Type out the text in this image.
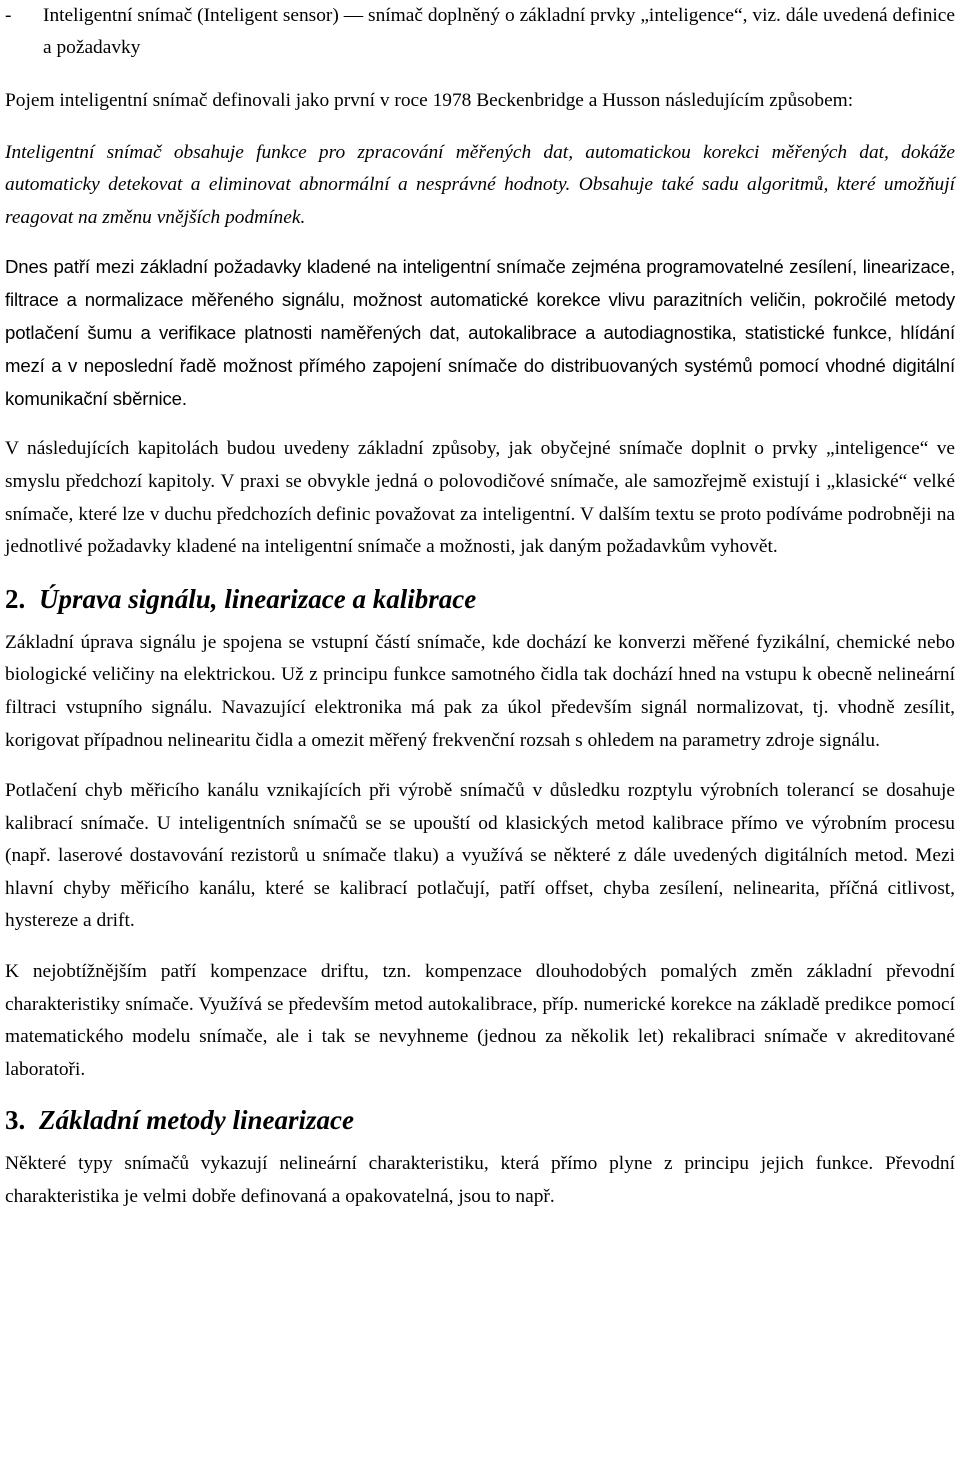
- Inteligentní snímač (Inteligent sensor) — snímač doplněný o základní prvky „inteligence“, viz. dále uvedená definice a požadavky

Pojem inteligentní snímač definovali jako první v roce 1978 Beckenbridge a Husson následujícím způsobem:

Inteligentní snímač obsahuje funkce pro zpracování měřených dat, automatickou korekci měřených dat, dokáže automaticky detekovat a eliminovat abnormální a nesprávné hodnoty. Obsahuje také sadu algoritmů, které umožňují reagovat na změnu vnějších podmínek.

Dnes patří mezi základní požadavky kladené na inteligentní snímače zejména programovatelné zesílení, linearizace, filtrace a normalizace měřeného signálu, možnost automatické korekce vlivu parazitních veličin, pokročilé metody potlačení šumu a verifikace platnosti naměřených dat, autokalibrace a autodiagnostika, statistické funkce, hlídání mezí a v neposlední řadě možnost přímého zapojení snímače do distribuovaných systémů pomocí vhodné digitální komunikační sběrnice.

V následujících kapitolách budou uvedeny základní způsoby, jak obyčejné snímače doplnit o prvky „inteligence“ ve smyslu předchozí kapitoly. V praxi se obvykle jedná o polovodičové snímače, ale samozřejmě existují i „klasické“ velké snímače, které lze v duchu předchozích definic považovat za inteligentní. V dalším textu se proto podíváme podrobněji na jednotlivé požadavky kladené na inteligentní snímače a možnosti, jak daným požadavkům vyhovět.

2. Úprava signálu, linearizace a kalibrace

Základní úprava signálu je spojena se vstupní částí snímače, kde dochází ke konverzi měřené fyzikální, chemické nebo biologické veličiny na elektrickou. Už z principu funkce samotného čidla tak dochází hned na vstupu k obecně nelineární filtraci vstupního signálu. Navazující elektronika má pak za úkol především signál normalizovat, tj. vhodně zesílit, korigovat případnou nelinearitu čidla a omezit měřený frekvenční rozsah s ohledem na parametry zdroje signálu.

Potlačení chyb měřicího kanálu vznikajících při výrobě snímačů v důsledku rozptylu výrobních tolerancí se dosahuje kalibrací snímače. U inteligentních snímačů se se upouští od klasických metod kalibrace přímo ve výrobním procesu (např. laserové dostavování rezistorů u snímače tlaku) a využívá se některé z dále uvedených digitálních metod. Mezi hlavní chyby měřicího kanálu, které se kalibrací potlačují, patří offset, chyba zesílení, nelinearita, příčná citlivost, hystereze a drift.

K nejobtížnějším patří kompenzace driftu, tzn. kompenzace dlouhodobých pomalých změn základní převodní charakteristiky snímače. Využívá se především metod autokalibrace, příp. numerické korekce na základě predikce pomocí matematického modelu snímače, ale i tak se nevyhneme (jednou za několik let) rekalibraci snímače v akreditované laboratoři.

3. Základní metody linearizace

Některé typy snímačů vykazují nelineární charakteristiku, která přímo plyne z principu jejich funkce. Převodní charakteristika je velmi dobře definovaná a opakovatelná, jsou to např.
